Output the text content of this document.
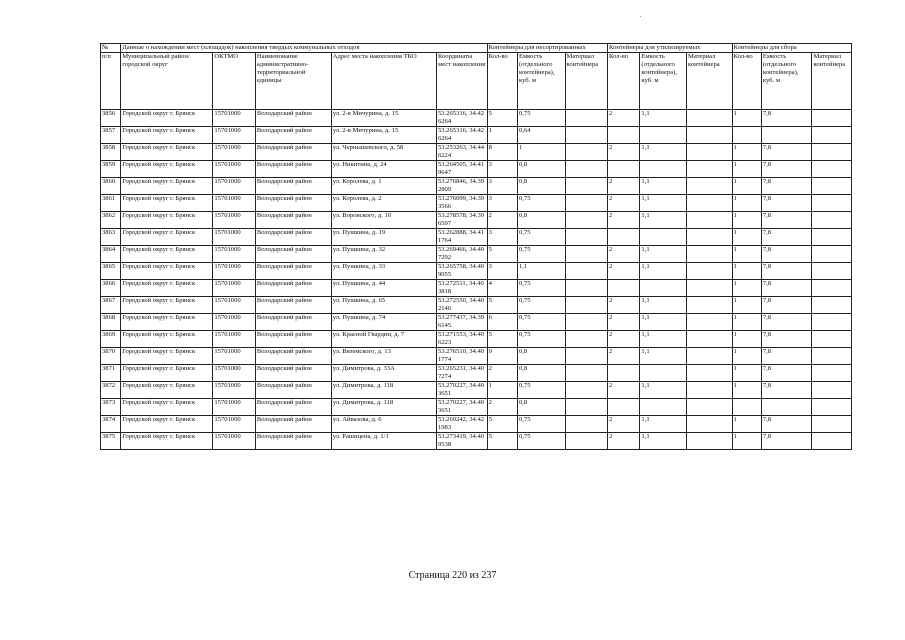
№	Данные о нахождении мест (площадок) накопления твердых коммунальных отходов					Контейнеры для несортированных			Контейнеры для утилизируемых			Контейнеры для сбора		
п/п	Муниципальный район/городской округ	ОКТМО	Наименование административно-территориальной единицы	Адрес места накопления ТКО	Координаты мест накопления	Кол-во	Емкость (отдельного контейнера), куб. м	Материал контейнера	Кол-во	Емкость (отдельного контейнера), куб. м	Материал контейнера	Кол-во	Емкость (отдельного контейнера), куб. м	Материал контейнера
3856	Городской округ г. Брянск	15701000	Володарский район	ул. 2-я Мичурина, д. 15	53.265316, 34.426264	5	0,75		2	1,1		1	7,8	
3857	Городской округ г. Брянск	15701000	Володарский район	ул. 2-я Мичурина, д. 15	53.265316, 34.426264	1	0,64							
3858	Городской округ г. Брянск	15701000	Володарский район	ул. Чернышевского, д. 58	53.253263, 34.446224	8	1		2	1,1		1	7,8	
3859	Городской округ г. Брянск	15701000	Володарский район	ул. Никитина, д. 24	53.264505, 34.419647	3	0,8					1	7,8	
3860	Городской округ г. Брянск	15701000	Володарский район	ул. Королева, д. 1	53.276846, 34.392809	3	0,8		2	1,1		1	7,8	
3861	Городской округ г. Брянск	15701000	Володарский район	ул. Королева, д. 2	53.276099, 34.393566	3	0,75		2	1,1		1	7,8	
3862	Городской округ г. Брянск	15701000	Володарский район	ул. Воровского, д. 10	53.278578, 34.396597	2	0,8		2	1,1		1	7,8	
3863	Городской округ г. Брянск	15701000	Володарский район	ул. Пушкина, д. 19	53.262888, 34.411764	3	0,75					1	7,8	
3864	Городской округ г. Брянск	15701000	Володарский район	ул. Пушкина, д. 32	53.269466, 34.407292	5	0,75		2	1,1		1	7,8	
3865	Городской округ г. Брянск	15701000	Володарский район	ул. Пушкина, д. 33	53.265758, 34.409055	3	1,1		2	1,1		1	7,8	
3866	Городской округ г. Брянск	15701000	Володарский район	ул. Пушкина, д. 44	53.272511, 34.403818	4	0,75					1	7,8	
3867	Городской округ г. Брянск	15701000	Володарский район	ул. Пушкина, д. 65	53.272550, 34.402146	5	0,75		2	1,1		1	7,8	
3868	Городской округ г. Брянск	15701000	Володарский район	ул. Пушкина, д. 74	53.277437, 34.396145	6	0,75		2	1,1		1	7,8	
3869	Городской округ г. Брянск	15701000	Володарский район	ул. Красной Гвардии, д. 7	53.271553, 34.406223	5	0,75		2	1,1		1	7,8	
3870	Городской округ г. Брянск	15701000	Володарский район	ул. Вяземского, д. 13	53.276510, 34.401774	9	0,8		2	1,1		1	7,8	
3871	Городской округ г. Брянск	15701000	Володарский район	ул. Димитрова, д. 33А	53.265231, 34.407274	2	0,8					1	7,8	
3872	Городской округ г. Брянск	15701000	Володарский район	ул. Димитрова, д. 118	53.270227, 34.403651	1	0,75		2	1,1		1	7,8	
3873	Городской округ г. Брянск	15701000	Володарский район	ул. Димитрова, д. 118	53.270227, 34.403651	2	0,8							
3874	Городской округ г. Брянск	15701000	Володарский район	ул. Айвазова, д. 6	53.269242, 34.421983	5	0,75		2	1,1		1	7,8	
3875	Городской округ г. Брянск	15701000	Володарский район	ул. Рашицена, д. 1/1	53.273419, 34.409538	5	0,75		2	1,1		1	7,8	
Страница 220 из 237
